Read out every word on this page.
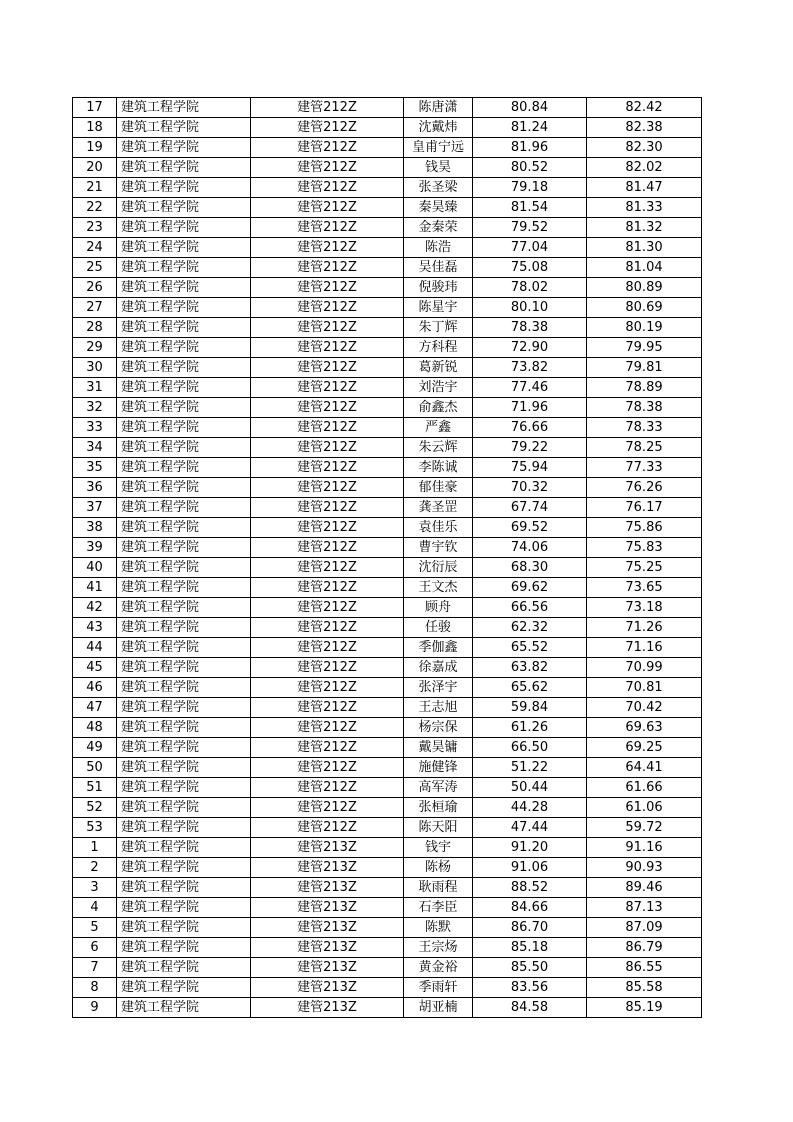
17	建筑工程学院	建管212Z	陈唐潇	80.84	82.42
18	建筑工程学院	建管212Z	沈戴炜	81.24	82.38
19	建筑工程学院	建管212Z	皇甫宁远	81.96	82.30
20	建筑工程学院	建管212Z	钱昊	80.52	82.02
21	建筑工程学院	建管212Z	张圣梁	79.18	81.47
22	建筑工程学院	建管212Z	秦昊臻	81.54	81.33
23	建筑工程学院	建管212Z	金秦荣	79.52	81.32
24	建筑工程学院	建管212Z	陈浩	77.04	81.30
25	建筑工程学院	建管212Z	吴佳磊	75.08	81.04
26	建筑工程学院	建管212Z	倪骏玮	78.02	80.89
27	建筑工程学院	建管212Z	陈星宇	80.10	80.69
28	建筑工程学院	建管212Z	朱丁辉	78.38	80.19
29	建筑工程学院	建管212Z	方科程	72.90	79.95
30	建筑工程学院	建管212Z	葛新锐	73.82	79.81
31	建筑工程学院	建管212Z	刘浩宇	77.46	78.89
32	建筑工程学院	建管212Z	俞鑫杰	71.96	78.38
33	建筑工程学院	建管212Z	严鑫	76.66	78.33
34	建筑工程学院	建管212Z	朱云辉	79.22	78.25
35	建筑工程学院	建管212Z	李陈诚	75.94	77.33
36	建筑工程学院	建管212Z	郁佳豪	70.32	76.26
37	建筑工程学院	建管212Z	龚圣罡	67.74	76.17
38	建筑工程学院	建管212Z	袁佳乐	69.52	75.86
39	建筑工程学院	建管212Z	曹宇钦	74.06	75.83
40	建筑工程学院	建管212Z	沈衍辰	68.30	75.25
41	建筑工程学院	建管212Z	王文杰	69.62	73.65
42	建筑工程学院	建管212Z	顾舟	66.56	73.18
43	建筑工程学院	建管212Z	任骏	62.32	71.26
44	建筑工程学院	建管212Z	季伽鑫	65.52	71.16
45	建筑工程学院	建管212Z	徐嘉成	63.82	70.99
46	建筑工程学院	建管212Z	张泽宇	65.62	70.81
47	建筑工程学院	建管212Z	王志旭	59.84	70.42
48	建筑工程学院	建管212Z	杨宗保	61.26	69.63
49	建筑工程学院	建管212Z	戴昊镛	66.50	69.25
50	建筑工程学院	建管212Z	施健锋	51.22	64.41
51	建筑工程学院	建管212Z	高军涛	50.44	61.66
52	建筑工程学院	建管212Z	张桓瑜	44.28	61.06
53	建筑工程学院	建管212Z	陈天阳	47.44	59.72
1	建筑工程学院	建管213Z	钱宇	91.20	91.16
2	建筑工程学院	建管213Z	陈杨	91.06	90.93
3	建筑工程学院	建管213Z	耿雨程	88.52	89.46
4	建筑工程学院	建管213Z	石李臣	84.66	87.13
5	建筑工程学院	建管213Z	陈默	86.70	87.09
6	建筑工程学院	建管213Z	王宗炀	85.18	86.79
7	建筑工程学院	建管213Z	黄金裕	85.50	86.55
8	建筑工程学院	建管213Z	季雨轩	83.56	85.58
9	建筑工程学院	建管213Z	胡亚楠	84.58	85.19
